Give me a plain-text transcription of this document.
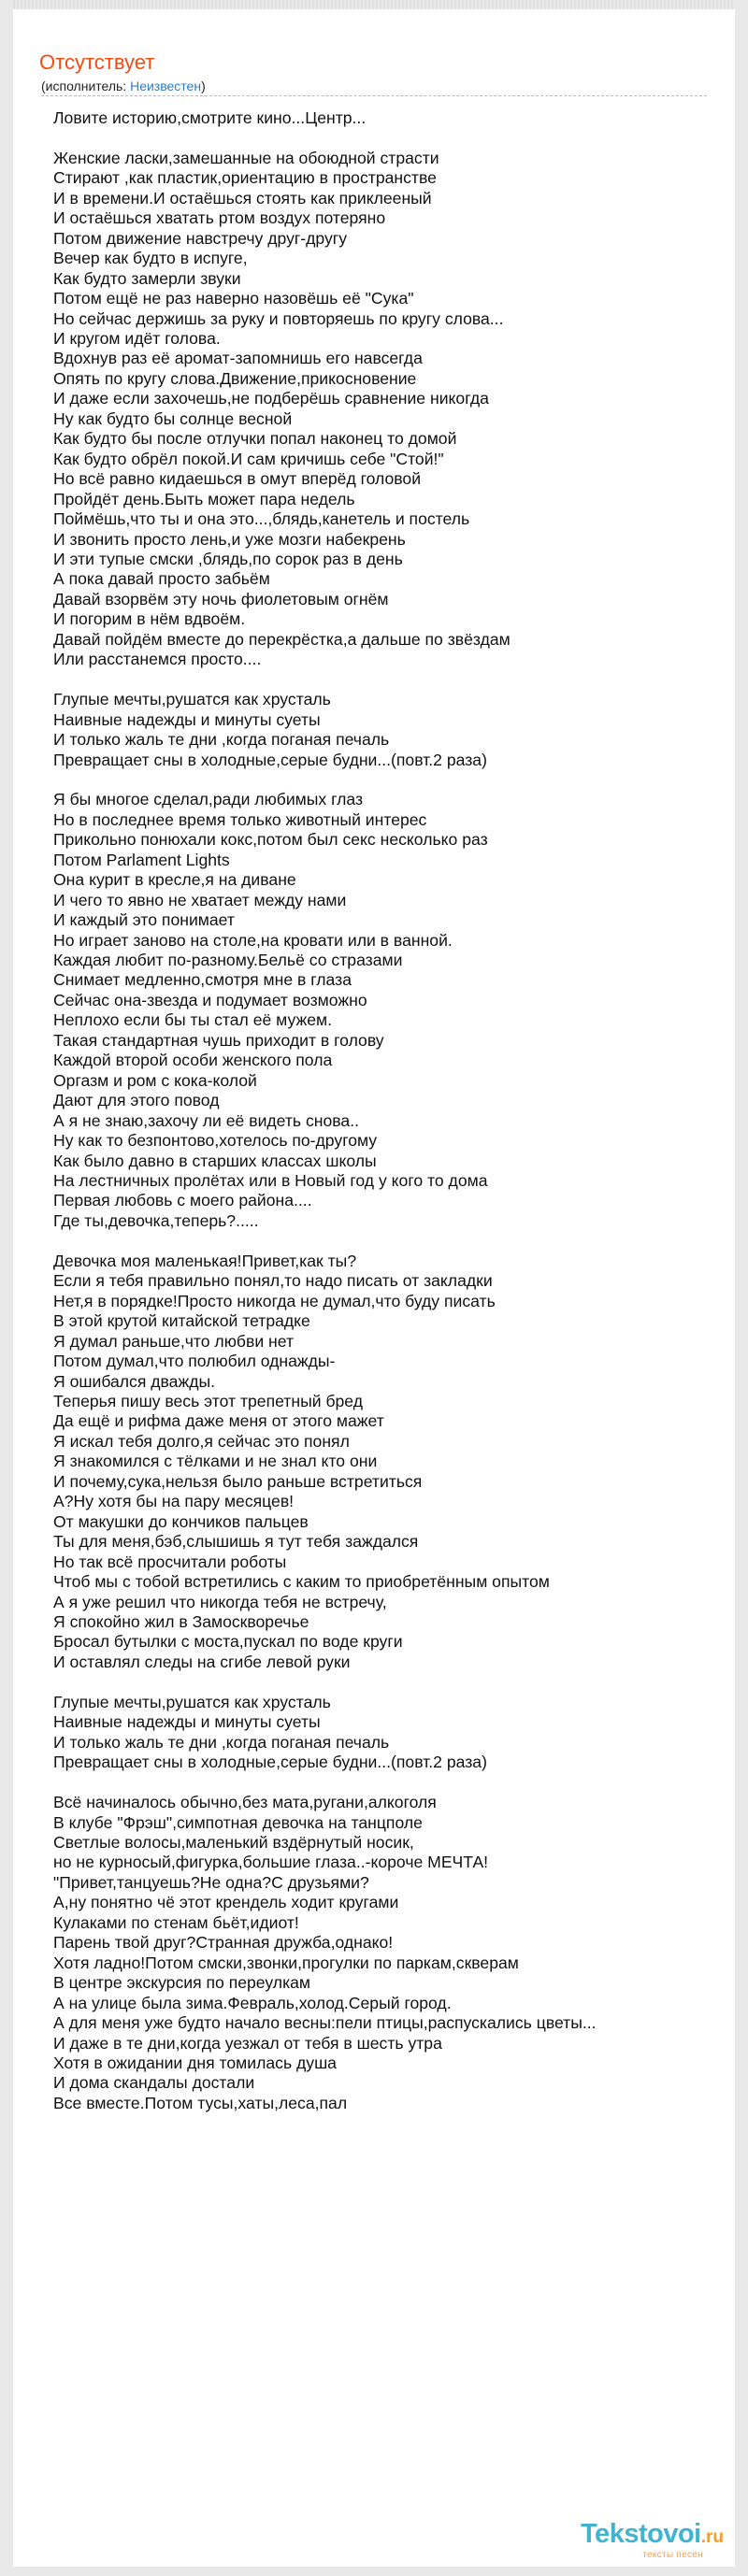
Отсутствует
(исполнитель: Неизвестен)
Ловите историю,смотрите кино...Центр...

Женские ласки,замешанные на обоюдной страсти
Стирают ,как пластик,ориентацию в пространстве
И в времени.И остаёшься стоять как приклееный
И остаёшься хватать ртом воздух потеряно
Потом движение навстречу друг-другу
Вечер как будто в испуге,
Как будто замерли звуки
Потом ещё не раз наверно назовёшь её "Сука"
Но сейчас держишь за руку и повторяешь по кругу слова...
И кругом идёт голова.
Вдохнув раз её аромат-запомнишь его навсегда
Опять по кругу слова.Движение,прикосновение
И даже если захочешь,не подберёшь сравнение никогда
Ну как будто бы солнце весной
Как будто бы после отлучки попал наконец то домой
Как будто обрёл покой.И сам кричишь себе "Стой!"
Но всё равно кидаешься в омут вперёд головой
Пройдёт день.Быть может пара недель
Поймёшь,что ты и она это...,блядь,канетель и постель
И звонить просто лень,и уже мозги набекрень
И эти тупые смски ,блядь,по сорок раз в день
А пока давай просто забьём
Давай взорвём эту ночь фиолетовым огнём
И погорим в нём вдвоём.
Давай пойдём вместе до перекрёстка,а дальше по звёздам
Или расстанемся просто....

Глупые мечты,рушатся как хрусталь
Наивные надежды и минуты суеты
И только жаль те дни ,когда поганая печаль
Превращает сны в холодные,серые будни...(повт.2 раза)

Я бы многое сделал,ради любимых глаз
Но в последнее время только животный интерес
Прикольно понюхали кокс,потом был секс несколько раз
Потом Parlament Lights
Она курит в кресле,я на диване
И чего то явно не хватает между нами
И каждый это понимает
Но играет заново на столе,на кровати или в ванной.
Каждая любит по-разному.Бельё со стразами
Снимает медленно,смотря мне в глаза
Сейчас она-звезда и подумает возможно
Неплохо если бы ты стал её мужем.
Такая стандартная чушь приходит в голову
Каждой второй особи женского пола
Оргазм и ром с кока-колой
Дают для этого повод
А я не знаю,захочу ли её видеть снова..
Ну как то безпонтово,хотелось по-другому
Как было давно в старших классах школы
На лестничных пролётах или в Новый год у кого то дома
Первая любовь с моего района....
Где ты,девочка,теперь?.....

Девочка моя маленькая!Привет,как ты?
Если я тебя правильно понял,то надо писать от закладки
Нет,я в порядке!Просто никогда не думал,что буду писать
В этой крутой китайской тетрадке
Я думал раньше,что любви нет
Потом думал,что полюбил однажды-
Я ошибался дважды.
Теперья пишу весь этот трепетный бред
Да ещё и рифма даже меня от этого мажет
Я искал тебя долго,я сейчас это понял
Я знакомился с тёлками и не знал кто они
И почему,сука,нельзя было раньше встретиться
А?Ну хотя бы на пару месяцев!
От макушки до кончиков пальцев
Ты для меня,бэб,слышишь я тут тебя заждался
Но так всё просчитали роботы
Чтоб мы с тобой встретились с каким то приобретённым опытом
А я уже решил что никогда тебя не встречу,
Я спокойно жил в Замоскворечье
Бросал бутылки с моста,пускал по воде круги
И оставлял следы на сгибе левой руки

Глупые мечты,рушатся как хрусталь
Наивные надежды и минуты суеты
И только жаль те дни ,когда поганая печаль
Превращает сны в холодные,серые будни...(повт.2 раза)

Всё начиналось обычно,без мата,ругани,алкоголя
В клубе "Фрэш",симпотная девочка на танцполе
Светлые волосы,маленький вздёрнутый носик,
но не курносый,фигурка,большие глаза..-короче МЕЧТА!
"Привет,танцуешь?Не одна?С друзьями?
А,ну понятно чё этот крендель ходит кругами
Кулаками по стенам бьёт,идиот!
Парень твой друг?Странная дружба,однако!
Хотя ладно!Потом смски,звонки,прогулки по паркам,скверам
В центре экскурсия по переулкам
А на улице была зима.Февраль,холод.Серый город.
А для меня уже будто начало весны:пели птицы,распускались цветы...
И даже в те дни,когда уезжал от тебя в шесть утра
Хотя в ожидании дня томилась душа
И дома скандалы достали
Все вместе.Потом тусы,хаты,леса,пал
Tekstovoi.ru
тексты песен
